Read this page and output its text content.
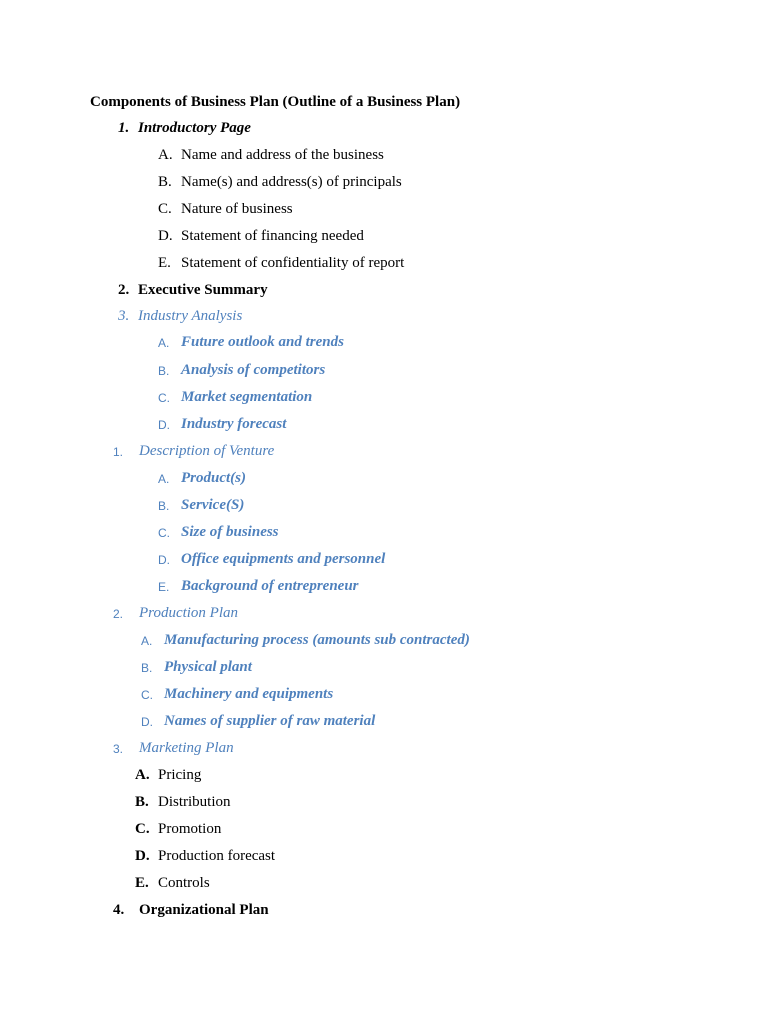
Components of Business Plan (Outline of a Business Plan)
1. Introductory Page
A. Name and address of the business
B. Name(s) and address(s) of principals
C. Nature of business
D. Statement of financing needed
E. Statement of confidentiality of report
2. Executive Summary
3. Industry Analysis
A. Future outlook and trends
B. Analysis of competitors
C. Market segmentation
D. Industry forecast
1. Description of Venture
A. Product(s)
B. Service(S)
C. Size of business
D. Office equipments and personnel
E. Background of entrepreneur
2. Production Plan
A. Manufacturing process (amounts sub contracted)
B. Physical plant
C. Machinery and equipments
D. Names of supplier of raw material
3. Marketing Plan
A. Pricing
B. Distribution
C. Promotion
D. Production forecast
E. Controls
4. Organizational Plan
